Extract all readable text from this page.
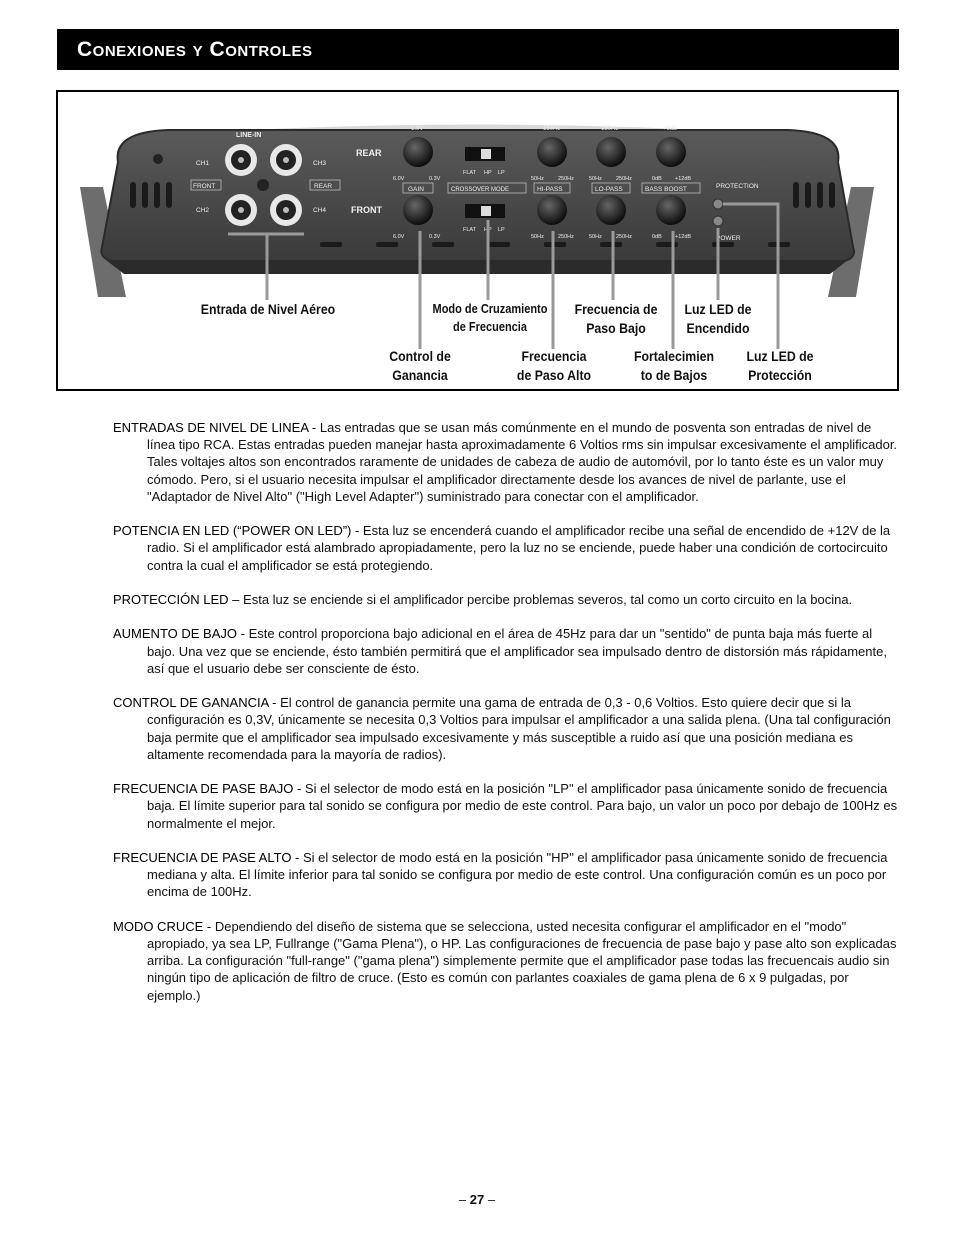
Conexiones y Controles
LINE-IN
CH1
CH2
CH3
CH4
FRONT	REAR
REAR
FRONT
1.0V
6.0V	0.3V
GAIN
6.0V	0.3V
FLAT HP LP
CROSSOVER MODE
FLAT HP LP
150Hz
50Hz	250Hz
HI-PASS
50Hz	250Hz
150Hz
50Hz	250Hz
LO-PASS
50Hz	250Hz
+6dB
0dB +12dB
BASS BOOST
0dB +12dB
PROTECTION
POWER
Entrada de Nivel Aéreo	Modo de Cruzamiento
de Frecuencia
Frecuencia de
Paso Bajo
Luz LED de
Encendido
Control de
Ganancia
Frecuencia
de Paso Alto
Fortalecimien
to de Bajos
Luz LED de
Protección

ENTRADAS DE NIVEL DE LINEA - Las entradas que se usan más comúnmente en el mundo de posventa son entradas de nivel de línea tipo RCA. Estas entradas pueden manejar hasta aproximadamente 6 Voltios rms sin impulsar excesivamente el amplificador. Tales voltajes altos son encontrados raramente de unidades de cabeza de audio de automóvil, por lo tanto éste es un valor muy cómodo. Pero, si el usuario necesita impulsar el amplificador directamente desde los avances de nivel de parlante, use el "Adaptador de Nivel Alto" ("High Level Adapter") suministrado para conectar con el amplificador.

POTENCIA EN LED (“POWER ON LED”) - Esta luz se encenderá cuando el amplificador recibe una señal de encendido de +12V de la radio. Si el amplificador está alambrado apropiadamente, pero la luz no se enciende, puede haber una condición de cortocircuito contra la cual el amplificador se está protegiendo.

PROTECCIÓN LED – Esta luz se enciende si el amplificador percibe problemas severos, tal como un corto circuito en la bocina.

AUMENTO DE BAJO - Este control proporciona bajo adicional en el área de 45Hz para dar un "sentido" de punta baja más fuerte al bajo. Una vez que se enciende, ésto también permitirá que el amplificador sea impulsado dentro de distorsión más rápidamente, así que el usuario debe ser consciente de ésto.

CONTROL DE GANANCIA - El control de ganancia permite una gama de entrada de 0,3 - 0,6 Voltios. Esto quiere decir que si la configuración es 0,3V, únicamente se necesita 0,3 Voltios para impulsar el amplificador a una salida plena. (Una tal configuración baja permite que el amplificador sea impulsado excesivamente y más susceptible a ruido así que una posición mediana es altamente recomendada para la mayoría de radios).

FRECUENCIA DE PASE BAJO - Si el selector de modo está en la posición "LP" el amplificador pasa únicamente sonido de frecuencia baja. El límite superior para tal sonido se configura por medio de este control. Para bajo, un valor un poco por debajo de 100Hz es normalmente el mejor.

FRECUENCIA DE PASE ALTO - Si el selector de modo está en la posición "HP" el amplificador pasa únicamente sonido de frecuencia mediana y alta. El límite inferior para tal sonido se configura por medio de este control. Una configuración común es un poco por encima de 100Hz.

MODO CRUCE - Dependiendo del diseño de sistema que se selecciona, usted necesita configurar el amplificador en el "modo" apropiado, ya sea LP, Fullrange ("Gama Plena"), o HP. Las configuraciones de frecuencia de pase bajo y pase alto son explicadas arriba. La configuración "full-range" ("gama plena") simplemente permite que el amplificador pase todas las frecuencais audio sin ningún tipo de aplicación de filtro de cruce. (Esto es común con parlantes coaxiales de gama plena de 6 x 9 pulgadas, por ejemplo.)

– 27 –
